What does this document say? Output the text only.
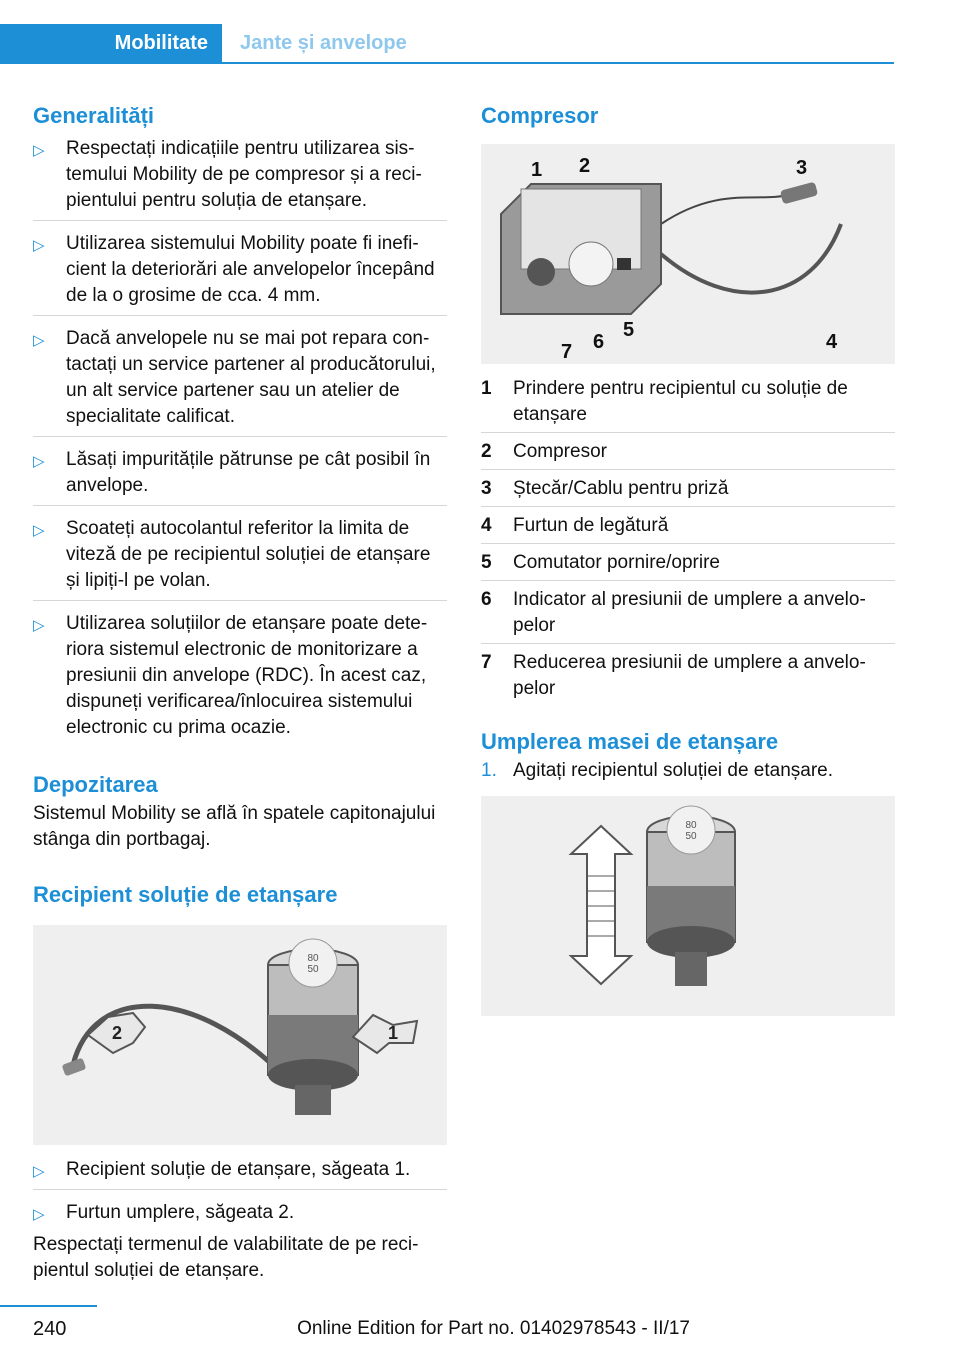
Mobilitate	Jante și anvelope
Generalități
▷ Respectați indicațiile pentru utilizarea sistemului Mobility de pe compresor și a recipientului pentru soluția de etanșare.
▷ Utilizarea sistemului Mobility poate fi ineficient la deteriorări ale anvelopelor începând de la o grosime de cca. 4 mm.
▷ Dacă anvelopele nu se mai pot repara contactați un service partener al producătorului, un alt service partener sau un atelier de specialitate calificat.
▷ Lăsați impuritățile pătrunse pe cât posibil în anvelope.
▷ Scoateți autocolantul referitor la limita de viteză de pe recipientul soluției de etanșare și lipiți-l pe volan.
▷ Utilizarea soluțiilor de etanșare poate deteriora sistemul electronic de monitorizare a presiunii din anvelope (RDC). În acest caz, dispuneți verificarea/înlocuirea sistemului electronic cu prima ocazie.
Depozitarea

Sistemul Mobility se află în spatele capitonajului stânga din portbagaj.

Recipient soluție de etanșare
80
50
1
2
▷ Recipient soluție de etanșare, săgeata 1.
▷ Furtun umplere, săgeata 2.

Respectați termenul de valabilitate de pe recipientul soluției de etanșare.

Compresor
1 2	3
4
5
6
7
1 Prindere pentru recipientul cu soluție de etanșare
2 Compresor
3 Ștecăr/Cablu pentru priză
4 Furtun de legătură
5 Comutator pornire/oprire
6 Indicator al presiunii de umplere a anvelopelor
7 Reducerea presiunii de umplere a anvelopelor
Umplerea masei de etanșare
1. Agitați recipientul soluției de etanșare.
80
50
240	Online Edition for Part no. 01402978543 - II/17
